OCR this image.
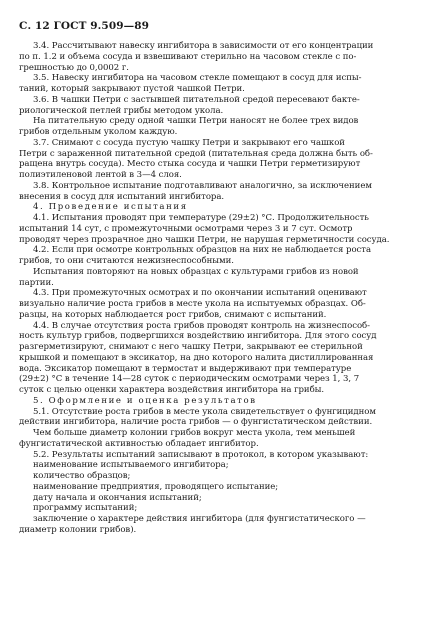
С. 12 ГОСТ 9.509—89
3.4. Рассчитывают навеску ингибитора в зависимости от его концентрации
по п. 1.2 и объема сосуда и взвешивают стерильно на часовом стекле с по-
грешностью до 0,0002 г.
3.5. Навеску ингибитора на часовом стекле помещают в сосуд для испы-
таний, который закрывают пустой чашкой Петри.
3.6. В чашки Петри с застывшей питательной средой пересевают бакте-
риологической петлей грибы методом укола.
На питательную среду одной чашки Петри наносят не более трех видов
грибов отдельным уколом каждую.
3.7. Снимают с сосуда пустую чашку Петри и закрывают его чашкой
Петри с зараженной питательной средой (питательная среда должна быть об-
ращена внутрь сосуда). Место стыка сосуда и чашки Петри герметизируют
полиэтиленовой лентой в 3—4 слоя.
3.8. Контрольное испытание подготавливают аналогично, за исключением
внесения в сосуд для испытаний ингибитора.
4. Проведение испытания
4.1. Испытания проводят при температуре (29±2) °С. Продолжительность
испытаний 14 сут, с промежуточными осмотрами через 3 и 7 сут. Осмотр
проводят через прозрачное дно чашки Петри, не нарушая герметичности сосуда.
4.2. Если при осмотре контрольных образцов на них не наблюдается роста
грибов, то они считаются нежизнеспособными.
Испытания повторяют на новых образцах с культурами грибов из новой
партии.
4.3. При промежуточных осмотрах и по окончании испытаний оценивают
визуально наличие роста грибов в месте укола на испытуемых образцах. Об-
разцы, на которых наблюдается рост грибов, снимают с испытаний.
4.4. В случае отсутствия роста грибов проводят контроль на жизнеспособ-
ность культур грибов, подвергшихся воздействию ингибитора. Для этого сосуд
разгерметизируют, снимают с него чашку Петри, закрывают ее стерильной
крышкой и помещают в эксикатор, на дно которого налита дистиллированная
вода. Эксикатор помещают в термостат и выдерживают при температуре
(29±2) °С в течение 14—28 суток с периодическим осмотрами через 1, 3, 7
суток с целью оценки характера воздействия ингибитора на грибы.
5. Оформление и оценка результатов
5.1. Отсутствие роста грибов в месте укола свидетельствует о фунгицидном
действии ингибитора, наличие роста грибов — о фунгистатическом действии.
Чем больше диаметр колонии грибов вокруг места укола, тем меньшей
фунгистатической активностью обладает ингибитор.
5.2. Результаты испытаний записывают в протокол, в котором указывают:
наименование испытываемого ингибитора;
количество образцов;
наименование предприятия, проводящего испытание;
дату начала и окончания испытаний;
программу испытаний;
заключение о характере действия ингибитора (для фунгистатического —
диаметр колонии грибов).
